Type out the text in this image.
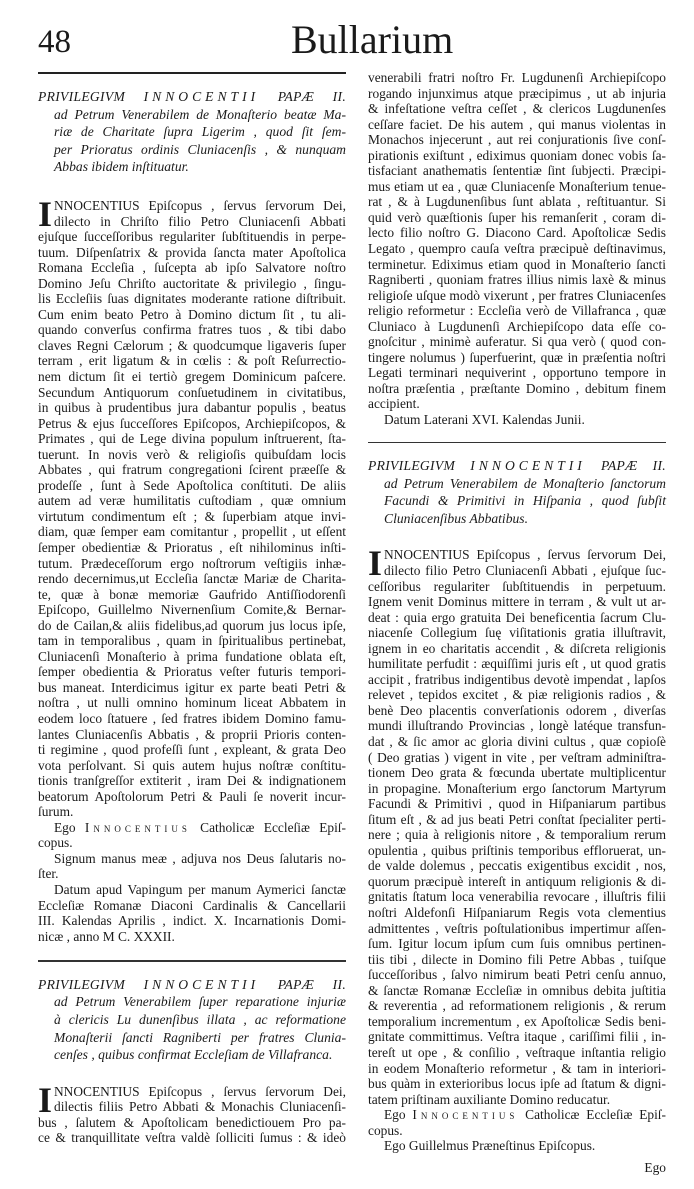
48	Bullarium
PRIVILEGIVM INNOCENTII PAPÆ II.
ad Petrum Venerabilem de Monaſterio beatæ Ma-
riæ de Charitate ſupra Ligerim , quod ſit ſem-
per Prioratus ordinis Cluniacenſis , & nunquam
Abbas ibidem inſtituatur.
I NNOCENTIUS Epiſcopus , ſervus ſervorum Dei,
dilecto in Chriſto filio Petro Cluniacenſi Abbati
ejuſque ſucceſſoribus regulariter ſubſtituendis in perpe-
tuum. Diſpenſatrix & provida ſancta mater Apoſtolica
Romana Eccleſia , ſuſcepta ab ipſo Salvatore noſtro
Domino Jeſu Chriſto auctoritate & privilegio , ſingu-
lis Eccleſiis ſuas dignitates moderante ratione diſtribuit.
Cum enim beato Petro à Domino dictum ſit , tu ali-
quando converſus confirma fratres tuos , & tibi dabo
claves Regni Cælorum ; & quodcumque ligaveris ſuper
terram , erit ligatum & in cœlis : & poſt Reſurrectio-
nem dictum ſit ei tertiò gregem Dominicum paſcere.
Secundum Antiquorum conſuetudinem in civitatibus,
in quibus à prudentibus jura dabantur populis , beatus
Petrus & ejus ſucceſſores Epiſcopos, Archiepiſcopos, &
Primates , qui de Lege divina populum inſtruerent, ſta-
tuerunt. In novis verò & religioſis quibuſdam locis
Abbates , qui fratrum congregationi ſcirent præeſſe &
prodeſſe , ſunt à Sede Apoſtolica conſtituti. De aliis
autem ad veræ humilitatis cuſtodiam , quæ omnium
virtutum condimentum eſt ; & ſuperbiam atque invi-
diam, quæ ſemper eam comitantur , propellit , ut eſſent
ſemper obedientiæ & Prioratus , eſt nihilominus inſti-
tutum. Prædeceſſorum ergo noſtrorum veſtigiis inhæ-
rendo decernimus,ut Eccleſia ſanctæ Mariæ de Charita-
te, quæ à bonæ memoriæ Gaufrido Antiſſiodorenſi
Epiſcopo, Guillelmo Nivernenſium Comite,& Bernar-
do de Cailan,& aliis fidelibus,ad quorum jus locus ipſe,
tam in temporalibus , quam in ſpiritualibus pertinebat,
Cluniacenſi Monaſterio à prima fundatione oblata eſt,
ſemper obedientia & Prioratus veſter futuris tempori-
bus maneat. Interdicimus igitur ex parte beati Petri &
noſtra , ut nulli omnino hominum liceat Abbatem in
eodem loco ſtatuere , ſed fratres ibidem Domino famu-
lantes Cluniacenſis Abbatis , & proprii Prioris conten-
ti regimine , quod profeſſi ſunt , expleant, & grata Deo
vota perſolvant. Si quis autem hujus noſtræ conſtitu-
tionis tranſgreſſor extiterit , iram Dei & indignationem
beatorum Apoſtolorum Petri & Pauli ſe noverit incur-
ſurum.
Ego Innocentius Catholicæ Eccleſiæ Epiſ-
copus.
Signum manus meæ , adjuva nos Deus ſalutaris no-
ſter.
Datum apud Vapingum per manum Aymerici ſanctæ
Eccleſiæ Romanæ Diaconi Cardinalis & Cancellarii
III. Kalendas Aprilis , indict. X. Incarnationis Domi-
nicæ , anno M C. XXXII.
PRIVILEGIVM INNOCENTII PAPÆ II.
ad Petrum Venerabilem ſuper reparatione injuriæ
à clericis Lu dunenſibus illata , ac reformatione
Monaſterii ſancti Ragniberti per fratres Clunia-
cenſes , quibus confirmat Eccleſiam de Villafranca.
I NNOCENTIUS Epiſcopus , ſervus ſervorum Dei,
dilectis filiis Petro Abbati & Monachis Cluniacenſi-
bus , ſalutem & Apoſtolicam benedictiouem Pro pa-
ce & tranquillitate veſtra valdè ſolliciti ſumus : & ideò
venerabili fratri noſtro Fr. Lugdunenſi Archiepiſcopo
rogando injunximus atque præcipimus , ut ab injuria
& infeſtatione veſtra ceſſet , & clericos Lugdunenſes
ceſſare faciet. De his autem , qui manus violentas in
Monachos injecerunt , aut rei conjurationis ſive conſ-
pirationis exiſtunt , ediximus quoniam donec vobis ſa-
tisfaciant anathematis ſententiæ ſint ſubjecti. Præcipi-
mus etiam ut ea , quæ Cluniacenſe Monaſterium tenue-
rat , & à Lugdunenſibus ſunt ablata , reſtituantur. Si
quid verò quæſtionis ſuper his remanſerit , coram di-
lecto filio noſtro G. Diacono Card. Apoſtolicæ Sedis
Legato , quempro cauſa veſtra præcipuè deſtinavimus,
terminetur. Ediximus etiam quod in Monaſterio ſancti
Ragniberti , quoniam fratres illius nimis laxè & minus
religioſe uſque modò vixerunt , per fratres Cluniacenſes
religio reformetur : Eccleſia verò de Villafranca , quæ
Cluniaco à Lugdunenſi Archiepiſcopo data eſſe co-
gnoſcitur , minimè auferatur. Si qua verò ( quod con-
tingere nolumus ) ſuperfuerint, quæ in præſentia noſtri
Legati terminari nequiverint , opportuno tempore in
noſtra præſentia , præſtante Domino , debitum finem
accipient.
Datum Laterani XVI. Kalendas Junii.
PRIVILEGIVM INNOCENTII PAPÆ II.
ad Petrum Venerabilem de Monaſterio ſanctorum
Facundi & Primitivi in Hiſpania , quod ſubſit
Cluniacenſibus Abbatibus.
I NNOCENTIUS Epiſcopus , ſervus ſervorum Dei,
dilecto filio Petro Cluniacenſi Abbati , ejuſque ſuc-
ceſſoribus regulariter ſubſtituendis in perpetuum.
Ignem venit Dominus mittere in terram , & vult ut ar-
deat : quia ergo gratuita Dei beneficentia ſacrum Clu-
niacenſe Collegium ſuę viſitationis gratia illuſtravit,
ignem in eo charitatis accendit , & diſcreta religionis
humilitate perfudit : æquiſſimi juris eſt , ut quod gratis
accipit , fratribus indigentibus devotè impendat , lapſos
relevet , tepidos excitet , & piæ religionis radios , &
benè Deo placentis converſationis odorem , diverſas
mundi illuſtrando Provincias , longè latéque transfun-
dat , & ſic amor ac gloria divini cultus , quæ copioſè
( Deo gratias ) vigent in vite , per veſtram adminiſtra-
tionem Deo grata & fœcunda ubertate multiplicentur
in propagine. Monaſterium ergo ſanctorum Martyrum
Facundi & Primitivi , quod in Hiſpaniarum partibus
ſitum eſt , & ad jus beati Petri conſtat ſpecialiter perti-
nere ; quia à religionis nitore , & temporalium rerum
opulentia , quibus priſtinis temporibus effloruerat, un-
de valde dolemus , peccatis exigentibus excidit , nos,
quorum præcipuè intereſt in antiquum religionis & di-
gnitatis ſtatum loca venerabilia revocare , illuſtris filii
noſtri Aldefonſi Hiſpaniarum Regis vota clementius
admittentes , veſtris poſtulationibus impertimur aſſen-
ſum. Igitur locum ipſum cum ſuis omnibus pertinen-
tiis tibi , dilecte in Domino fili Petre Abbas , tuiſque
ſucceſſoribus , ſalvo nimirum beati Petri cenſu annuo,
& ſanctæ Romanæ Eccleſiæ in omnibus debita juſtitia
& reverentia , ad reformationem religionis , & rerum
temporalium incrementum , ex Apoſtolicæ Sedis beni-
gnitate committimus. Veſtra itaque , cariſſimi filii , in-
tereſt ut ope , & conſilio , veſtraque inſtantia religio
in eodem Monaſterio reformetur , & tam in interiori-
bus quàm in exterioribus locus ipſe ad ſtatum & digni-
tatem priſtinam auxiliante Domino reducatur.
Ego Innocentius Catholicæ Eccleſiæ Epiſ-
copus.
Ego Guillelmus Præneſtinus Epiſcopus.
Ego
